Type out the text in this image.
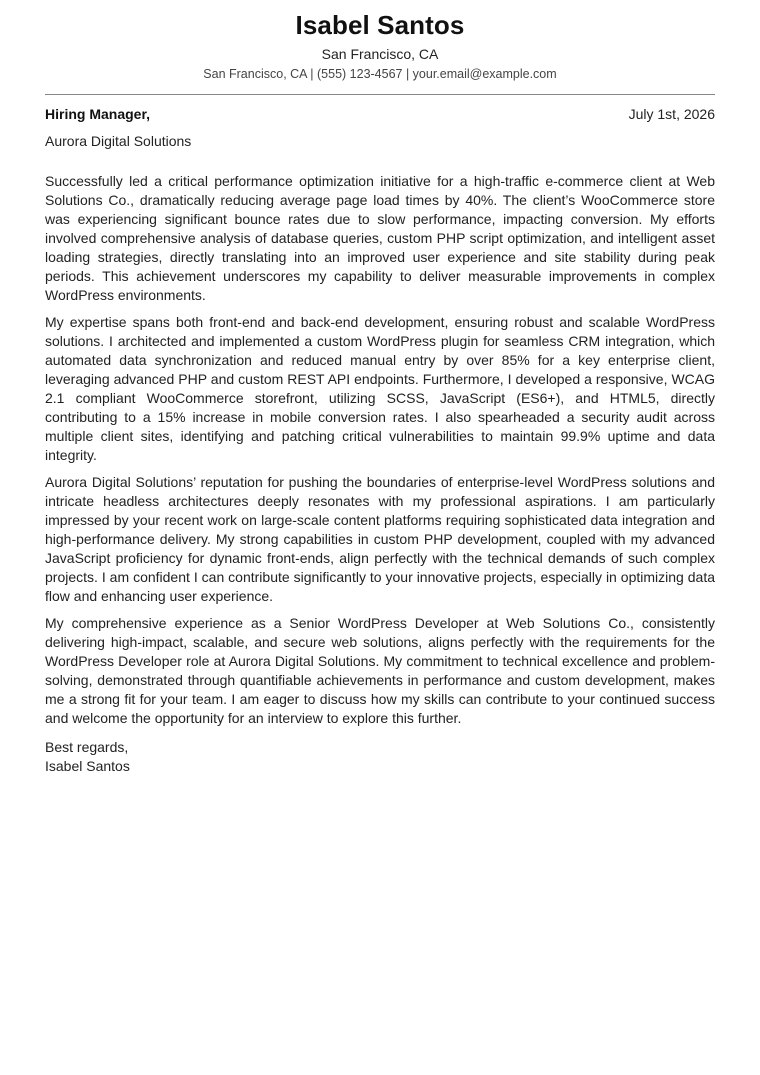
Isabel Santos
San Francisco, CA
San Francisco, CA | (555) 123-4567 | your.email@example.com
Hiring Manager,	July 1st, 2026
Aurora Digital Solutions

Successfully led a critical performance optimization initiative for a high-traffic e-commerce client at Web Solutions Co., dramatically reducing average page load times by 40%. The client’s WooCommerce store was experiencing significant bounce rates due to slow performance, impacting conversion. My efforts involved comprehensive analysis of database queries, custom PHP script optimization, and intelligent asset loading strategies, directly translating into an improved user experience and site stability during peak periods. This achievement underscores my capability to deliver measurable improvements in complex WordPress environments.

My expertise spans both front-end and back-end development, ensuring robust and scalable WordPress solutions. I architected and implemented a custom WordPress plugin for seamless CRM integration, which automated data synchronization and reduced manual entry by over 85% for a key enterprise client, leveraging advanced PHP and custom REST API endpoints. Furthermore, I developed a responsive, WCAG 2.1 compliant WooCommerce storefront, utilizing SCSS, JavaScript (ES6+), and HTML5, directly contributing to a 15% increase in mobile conversion rates. I also spearheaded a security audit across multiple client sites, identifying and patching critical vulnerabilities to maintain 99.9% uptime and data integrity.

Aurora Digital Solutions’ reputation for pushing the boundaries of enterprise-level WordPress solutions and intricate headless architectures deeply resonates with my professional aspirations. I am particularly impressed by your recent work on large-scale content platforms requiring sophisticated data integration and high-performance delivery. My strong capabilities in custom PHP development, coupled with my advanced JavaScript proficiency for dynamic front-ends, align perfectly with the technical demands of such complex projects. I am confident I can contribute significantly to your innovative projects, especially in optimizing data flow and enhancing user experience.

My comprehensive experience as a Senior WordPress Developer at Web Solutions Co., consistently delivering high-impact, scalable, and secure web solutions, aligns perfectly with the requirements for the WordPress Developer role at Aurora Digital Solutions. My commitment to technical excellence and problem-solving, demonstrated through quantifiable achievements in performance and custom development, makes me a strong fit for your team. I am eager to discuss how my skills can contribute to your continued success and welcome the opportunity for an interview to explore this further.

Best regards,
Isabel Santos
